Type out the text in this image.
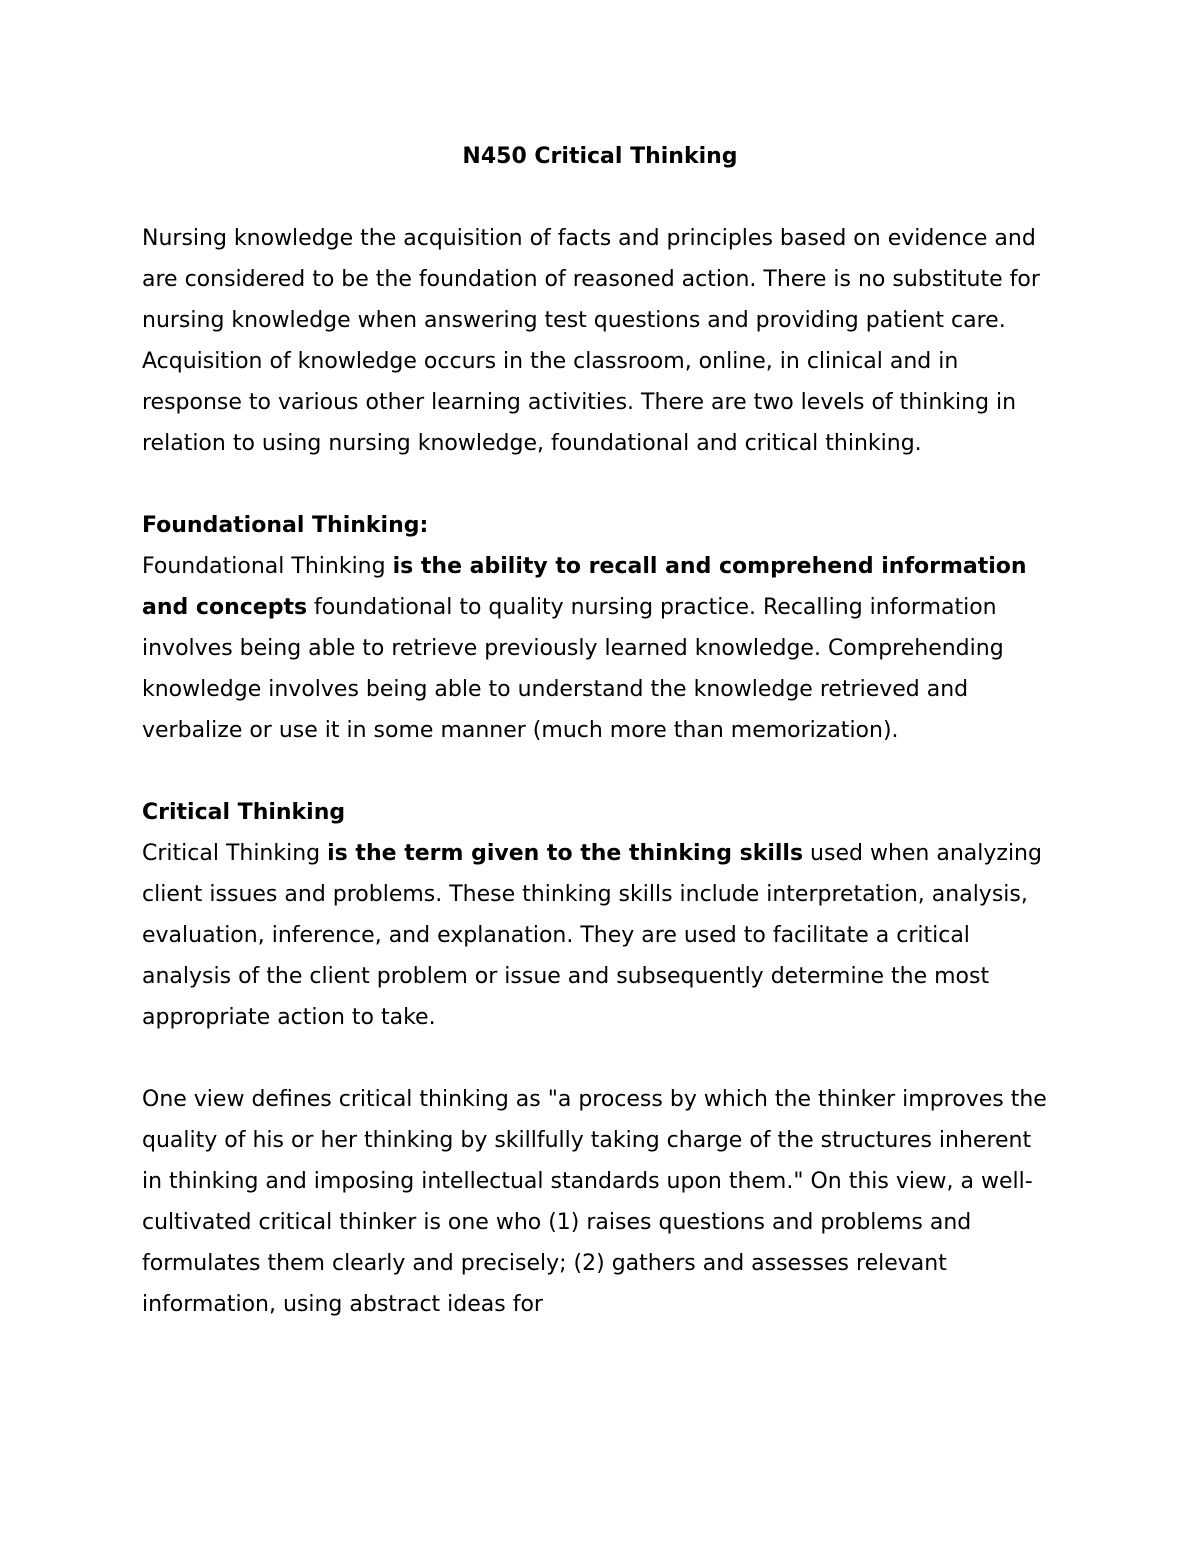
N450 Critical Thinking

Nursing knowledge the acquisition of facts and principles based on evidence and are considered to be the foundation of reasoned action. There is no substitute for nursing knowledge when answering test questions and providing patient care. Acquisition of knowledge occurs in the classroom, online, in clinical and in response to various other learning activities. There are two levels of thinking in relation to using nursing knowledge, foundational and critical thinking.

Foundational Thinking:

Foundational Thinking is the ability to recall and comprehend information and concepts foundational to quality nursing practice. Recalling information involves being able to retrieve previously learned knowledge. Comprehending knowledge involves being able to understand the knowledge retrieved and verbalize or use it in some manner (much more than memorization).

Critical Thinking

Critical Thinking is the term given to the thinking skills used when analyzing client issues and problems. These thinking skills include interpretation, analysis, evaluation, inference, and explanation. They are used to facilitate a critical analysis of the client problem or issue and subsequently determine the most appropriate action to take.

One view defines critical thinking as "a process by which the thinker improves the quality of his or her thinking by skillfully taking charge of the structures inherent in thinking and imposing intellectual standards upon them." On this view, a well-cultivated critical thinker is one who (1) raises questions and problems and formulates them clearly and precisely; (2) gathers and assesses relevant information, using abstract ideas for
